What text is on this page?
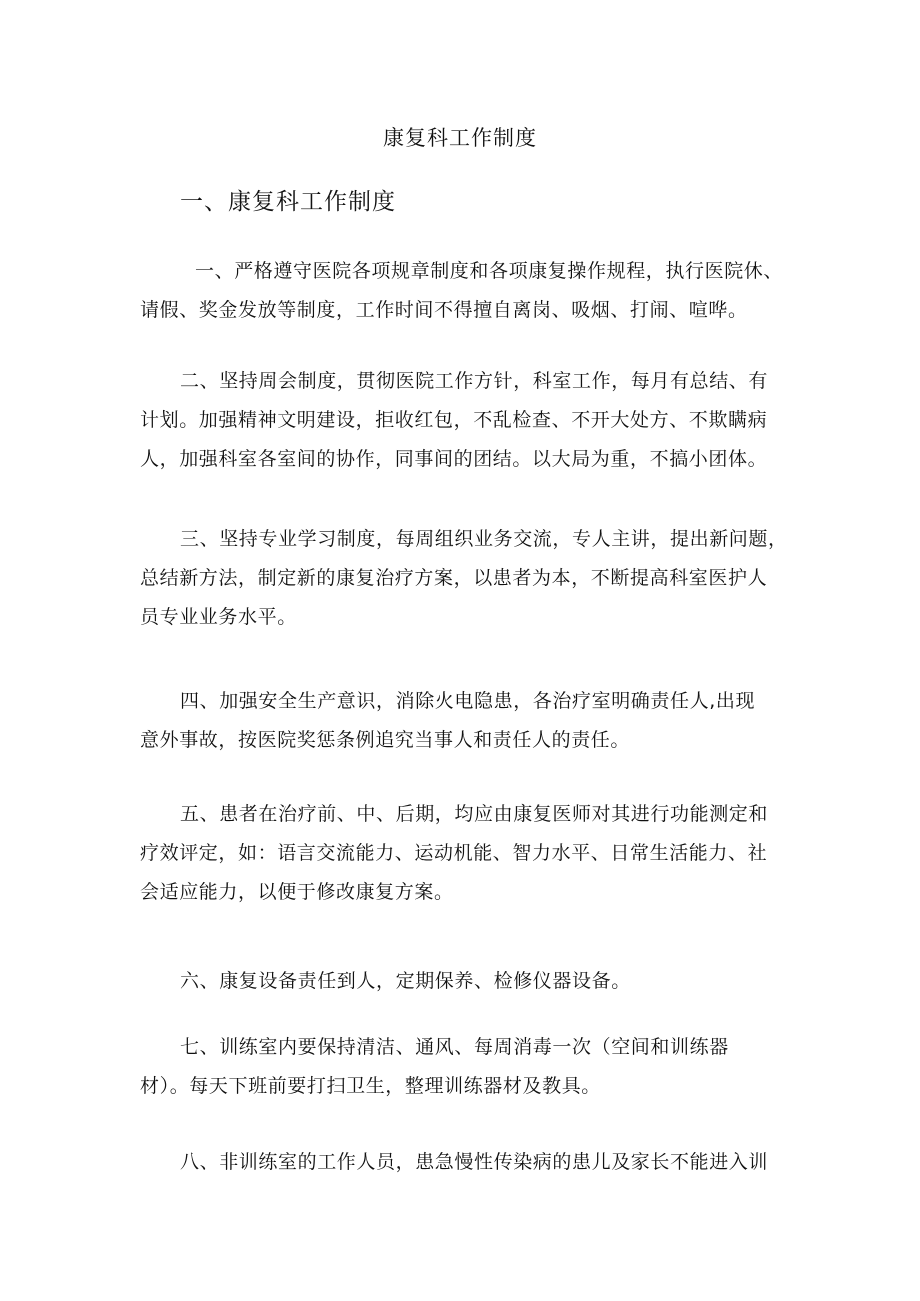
康复科工作制度
一、康复科工作制度
一、严格遵守医院各项规章制度和各项康复操作规程，执行医院休、
请假、奖金发放等制度，工作时间不得擅自离岗、吸烟、打闹、喧哗。
二、坚持周会制度，贯彻医院工作方针，科室工作，每月有总结、有
计划。加强精神文明建设，拒收红包，不乱检查、不开大处方、不欺瞒病
人，加强科室各室间的协作，同事间的团结。以大局为重，不搞小团体。
三、坚持专业学习制度，每周组织业务交流，专人主讲，提出新问题，
总结新方法，制定新的康复治疗方案，以患者为本，不断提高科室医护人
员专业业务水平。
四、加强安全生产意识，消除火电隐患，各治疗室明确责任人,出现
意外事故，按医院奖惩条例追究当事人和责任人的责任。
五、患者在治疗前、中、后期，均应由康复医师对其进行功能测定和
疗效评定，如：语言交流能力、运动机能、智力水平、日常生活能力、社
会适应能力，以便于修改康复方案。
六、康复设备责任到人，定期保养、检修仪器设备。
七、训练室内要保持清洁、通风、每周消毒一次（空间和训练器
材）。每天下班前要打扫卫生，整理训练器材及教具。
八、非训练室的工作人员，患急慢性传染病的患儿及家长不能进入训
